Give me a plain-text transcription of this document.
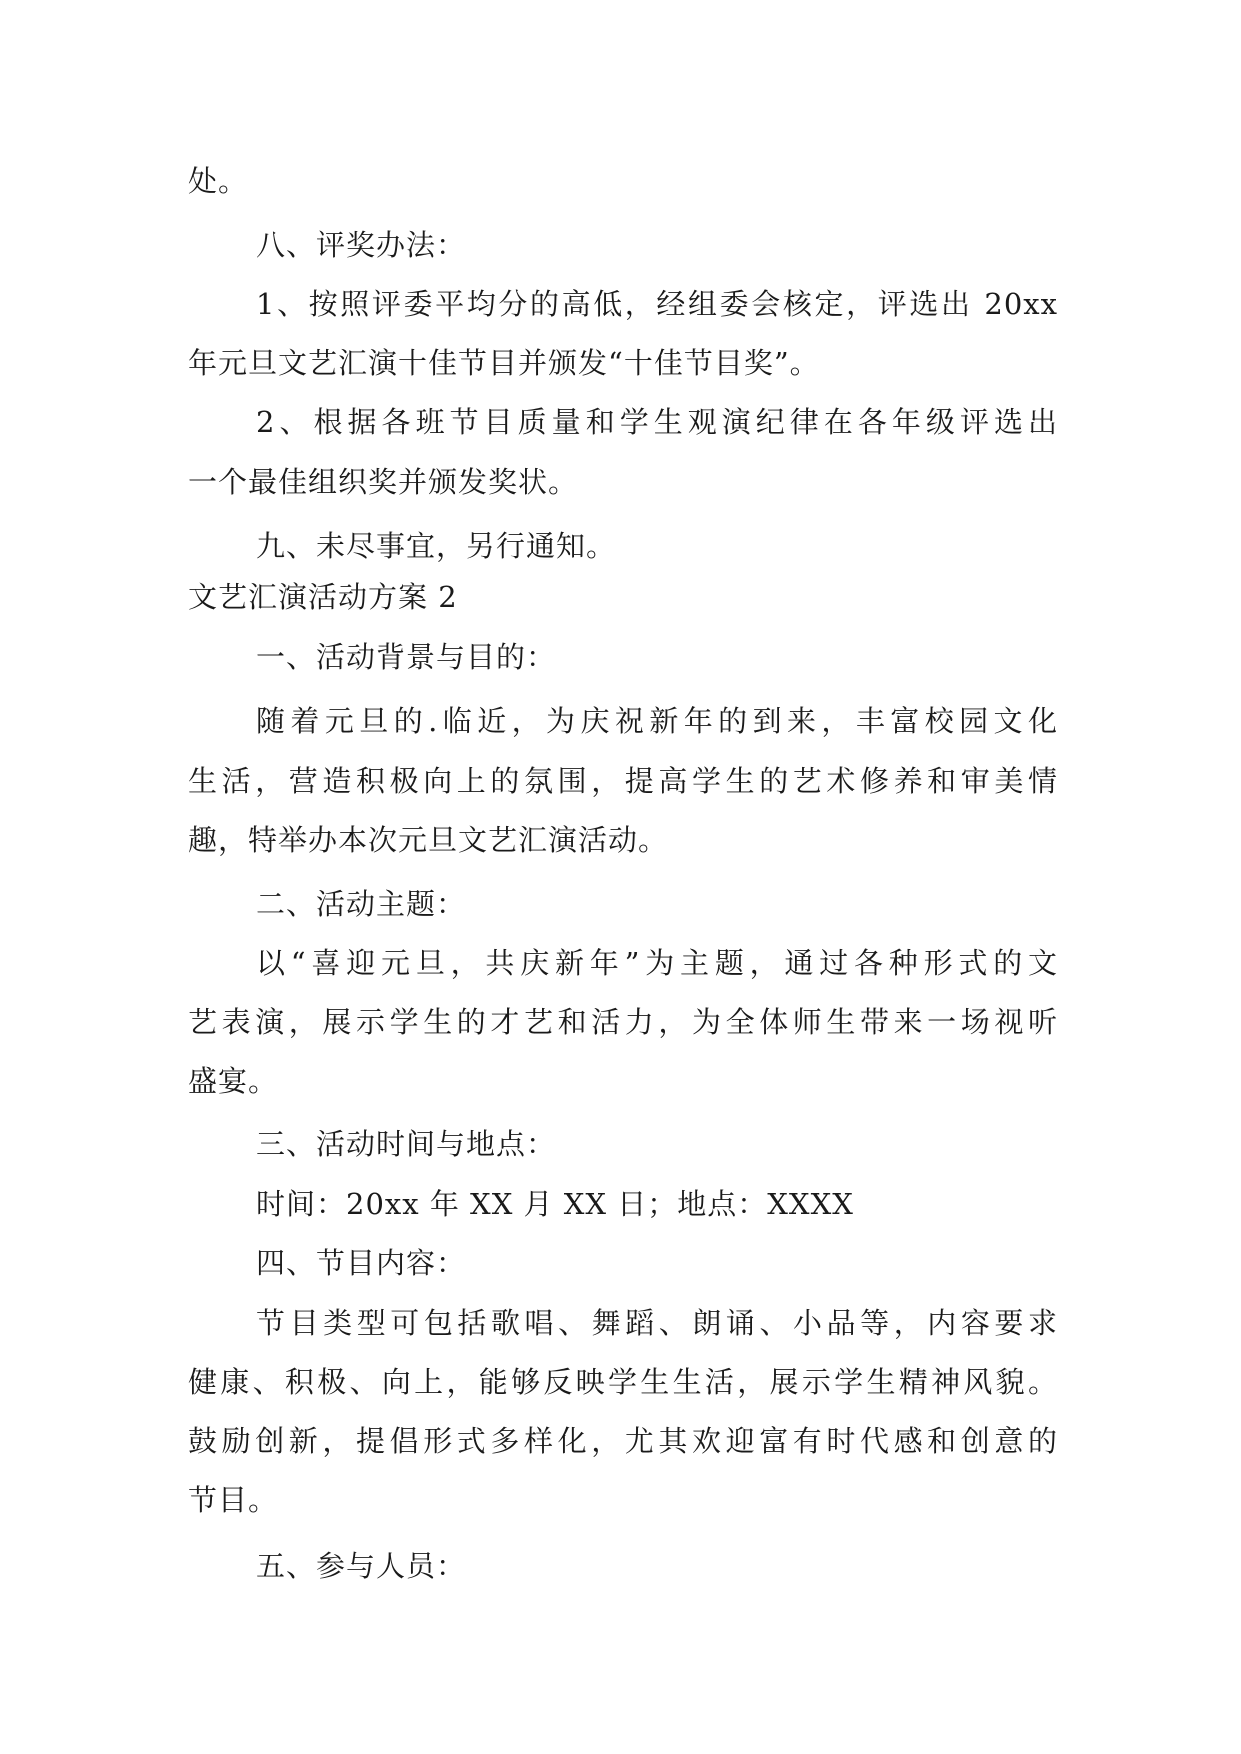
处。
八、评奖办法：
1、按照评委平均分的高低，经组委会核定，评选出 20xx
年元旦文艺汇演十佳节目并颁发“十佳节目奖”。
2、根据各班节目质量和学生观演纪律在各年级评选出
一个最佳组织奖并颁发奖状。
九、未尽事宜，另行通知。
文艺汇演活动方案 2
一、活动背景与目的：
随着元旦的.临近，为庆祝新年的到来，丰富校园文化
生活，营造积极向上的氛围，提高学生的艺术修养和审美情
趣，特举办本次元旦文艺汇演活动。
二、活动主题：
以“喜迎元旦，共庆新年”为主题，通过各种形式的文
艺表演，展示学生的才艺和活力，为全体师生带来一场视听
盛宴。
三、活动时间与地点：
时间：20xx 年 XX 月 XX 日；地点：XXXX
四、节目内容：
节目类型可包括歌唱、舞蹈、朗诵、小品等，内容要求
健康、积极、向上，能够反映学生生活，展示学生精神风貌。
鼓励创新，提倡形式多样化，尤其欢迎富有时代感和创意的
节目。
五、参与人员：
